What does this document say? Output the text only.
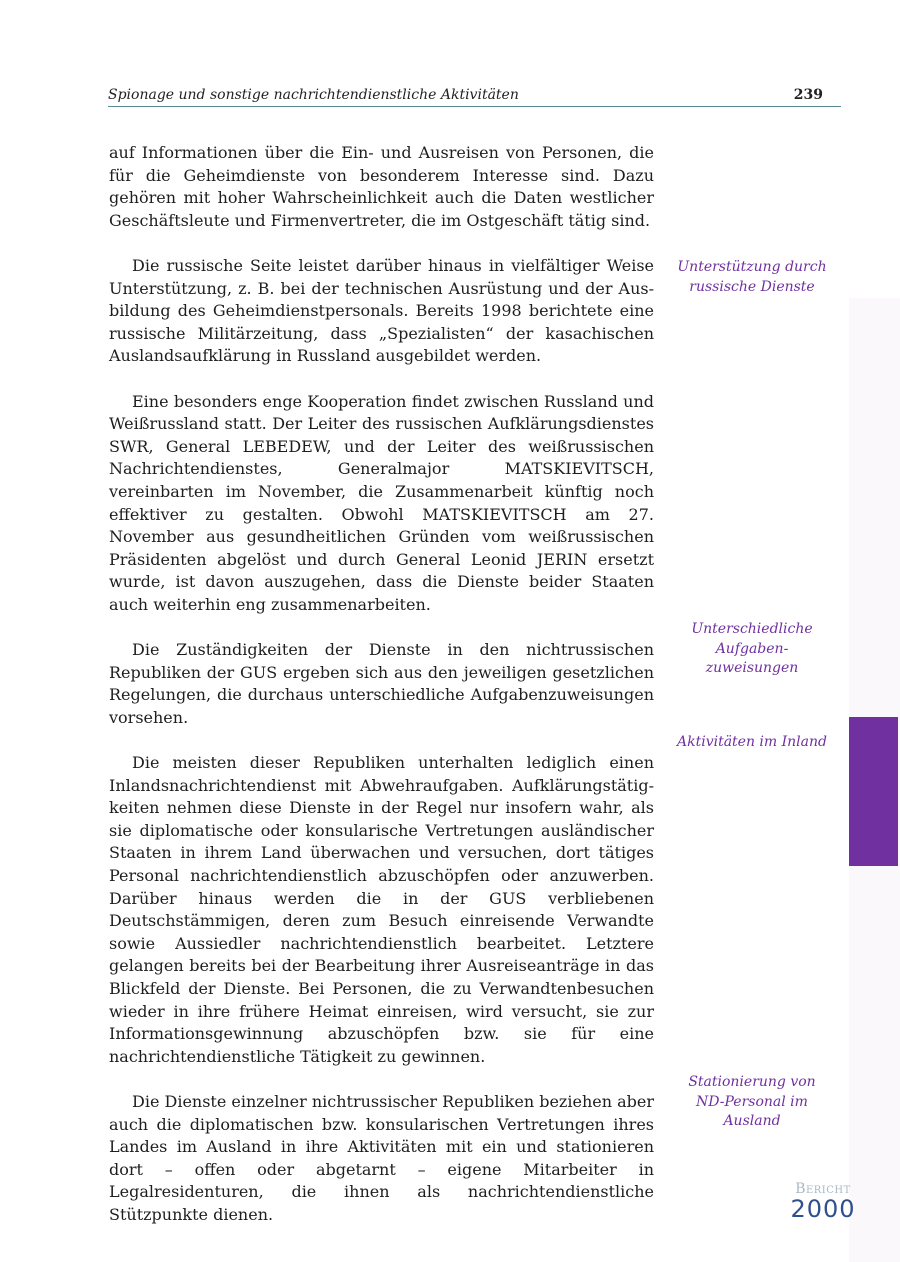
Spionage und sonstige nachrichtendienstliche Aktivitäten	239

auf Informationen über die Ein- und Ausreisen von Personen, die für die Geheimdienste von besonderem Interesse sind. Dazu gehören mit hoher Wahrscheinlichkeit auch die Daten westlicher Geschäftsleute und Firmenvertreter, die im Ostgeschäft tätig sind.

Die russische Seite leistet darüber hinaus in vielfältiger Weise Unterstützung, z. B. bei der technischen Ausrüstung und der Ausbildung des Geheimdienstpersonals. Bereits 1998 berichtete eine russische Militärzeitung, dass „Spezialisten“ der kasachischen Auslandsaufklärung in Russland ausgebildet werden.

Eine besonders enge Kooperation findet zwischen Russland und Weißrussland statt. Der Leiter des russischen Aufklärungsdienstes SWR, General LEBEDEW, und der Leiter des weißrussischen Nachrichtendienstes, Generalmajor MATSKIEVITSCH, vereinbarten im November, die Zusammenarbeit künftig noch effektiver zu gestalten. Obwohl MATSKIEVITSCH am 27. November aus gesundheitlichen Gründen vom weißrussischen Präsidenten abgelöst und durch General Leonid JERIN ersetzt wurde, ist davon auszugehen, dass die Dienste beider Staaten auch weiterhin eng zusammenarbeiten.

Die Zuständigkeiten der Dienste in den nichtrussischen Republiken der GUS ergeben sich aus den jeweiligen gesetzlichen Regelungen, die durchaus unterschiedliche Aufgabenzuweisungen vorsehen.

Die meisten dieser Republiken unterhalten lediglich einen Inlandsnachrichtendienst mit Abwehraufgaben. Aufklärungstätigkeiten nehmen diese Dienste in der Regel nur insofern wahr, als sie diplomatische oder konsularische Vertretungen ausländischer Staaten in ihrem Land überwachen und versuchen, dort tätiges Personal nachrichtendienstlich abzuschöpfen oder anzuwerben. Darüber hinaus werden die in der GUS verbliebenen Deutschstämmigen, deren zum Besuch einreisende Verwandte sowie Aussiedler nachrichtendienstlich bearbeitet. Letztere gelangen bereits bei der Bearbeitung ihrer Ausreiseanträge in das Blickfeld der Dienste. Bei Personen, die zu Verwandtenbesuchen wieder in ihre frühere Heimat einreisen, wird versucht, sie zur Informationsgewinnung abzuschöpfen bzw. sie für eine nachrichtendienstliche Tätigkeit zu gewinnen.

Die Dienste einzelner nichtrussischer Republiken beziehen aber auch die diplomatischen bzw. konsularischen Vertretungen ihres Landes im Ausland in ihre Aktivitäten mit ein und stationieren dort – offen oder abgetarnt – eigene Mitarbeiter in Legalresidenturen, die ihnen als nachrichtendienstliche Stützpunkte dienen.

Unterstützung durch russische Dienste
Unterschiedliche Aufgaben-zuweisungen
Aktivitäten im Inland
Stationierung von ND-Personal im Ausland
Bericht
2000
